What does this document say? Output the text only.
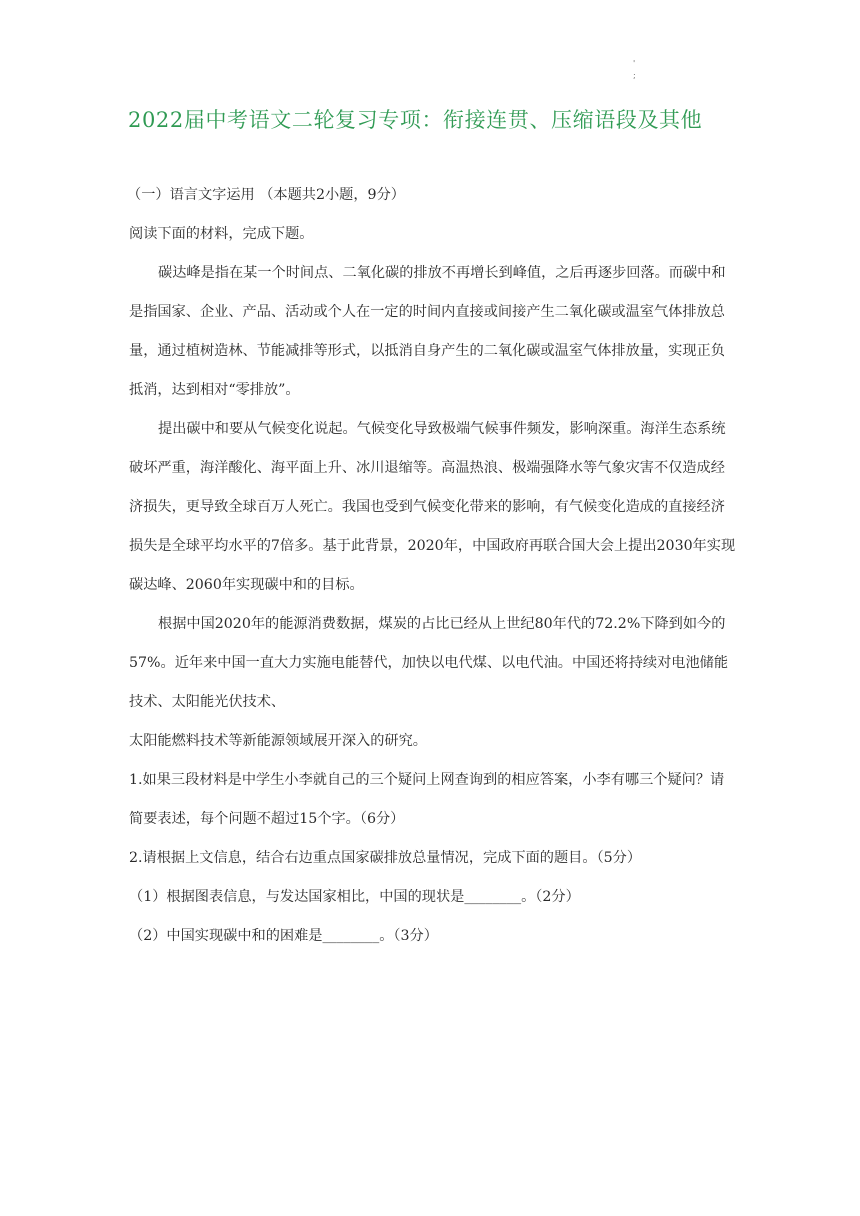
'
;
2022届中考语文二轮复习专项：衔接连贯、压缩语段及其他

（一）语言文字运用 （本题共2小题，9分）

阅读下面的材料，完成下题。

碳达峰是指在某一个时间点、二氧化碳的排放不再增长到峰值，之后再逐步回落。而碳中和是指国家、企业、产品、活动或个人在一定的时间内直接或间接产生二氧化碳或温室气体排放总量，通过植树造林、节能减排等形式，以抵消自身产生的二氧化碳或温室气体排放量，实现正负抵消，达到相对“零排放”。

提出碳中和要从气候变化说起。气候变化导致极端气候事件频发，影响深重。海洋生态系统破坏严重，海洋酸化、海平面上升、冰川退缩等。高温热浪、极端强降水等气象灾害不仅造成经济损失，更导致全球百万人死亡。我国也受到气候变化带来的影响，有气候变化造成的直接经济损失是全球平均水平的7倍多。基于此背景，2020年，中国政府再联合国大会上提出2030年实现碳达峰、2060年实现碳中和的目标。

根据中国2020年的能源消费数据，煤炭的占比已经从上世纪80年代的72.2%下降到如今的57%。近年来中国一直大力实施电能替代，加快以电代煤、以电代油。中国还将持续对电池储能技术、太阳能光伏技术、

太阳能燃料技术等新能源领域展开深入的研究。

1.如果三段材料是中学生小李就自己的三个疑问上网查询到的相应答案，小李有哪三个疑问？请简要表述，每个问题不超过15个字。（6分）

2.请根据上文信息，结合右边重点国家碳排放总量情况，完成下面的题目。（5分）

（1）根据图表信息，与发达国家相比，中国的现状是________。（2分）

（2）中国实现碳中和的困难是________。（3分）
